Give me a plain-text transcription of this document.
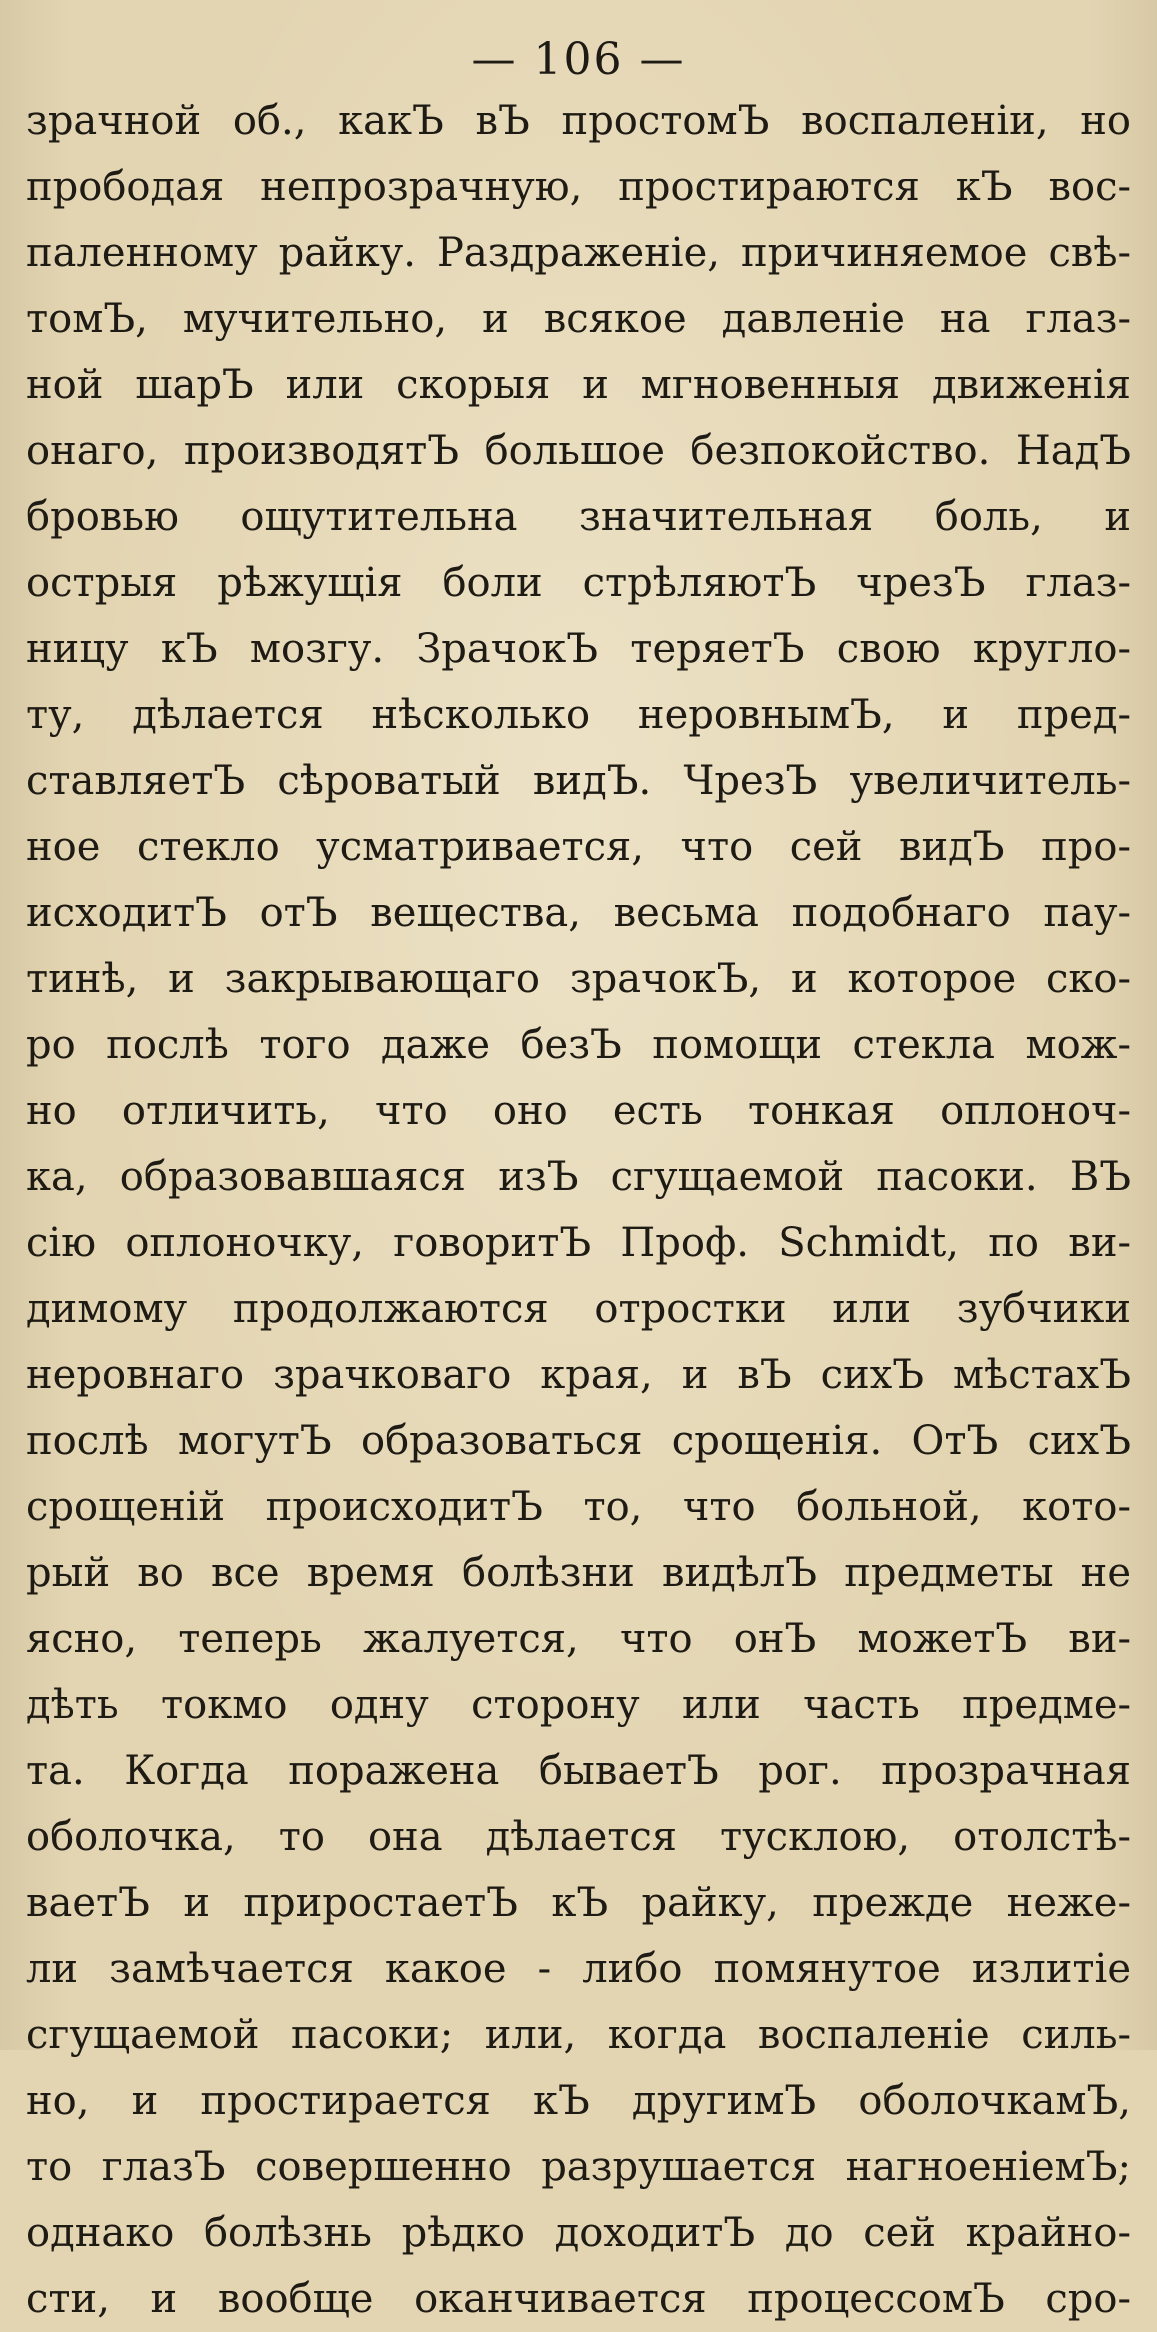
— 106 —
зрачной об., какЪ вЪ простомЪ воспаленіи, но
прободая непрозрачную, простираются кЪ вос-
паленному райку. Раздраженіе, причиняемое свѣ-
томЪ, мучительно, и всякое давленіе на глаз-
ной шарЪ или скорыя и мгновенныя движенія
онаго, производятЪ большое безпокойство. НадЪ
бровью ощутительна значительная боль, и
острыя рѣжущія боли стрѣляютЪ чрезЪ глаз-
ницу кЪ мозгу. ЗрачокЪ теряетЪ свою кругло-
ту, дѣлается нѣсколько неровнымЪ, и пред-
ставляетЪ сѣроватый видЪ. ЧрезЪ увеличитель-
ное стекло усматривается, что сей видЪ про-
исходитЪ отЪ вещества, весьма подобнаго пау-
тинѣ, и закрывающаго зрачокЪ, и которое ско-
ро послѣ того даже безЪ помощи стекла мож-
но отличить, что оно есть тонкая оплоноч-
ка, образовавшаяся изЪ сгущаемой пасоки. ВЪ
сію оплоночку, говоритЪ Проф. Schmidt, по ви-
димому продолжаются отростки или зубчики
неровнаго зрачковаго края, и вЪ сихЪ мѣстахЪ
послѣ могутЪ образоваться срощенія. ОтЪ сихЪ
срощеній происходитЪ то, что больной, кото-
рый во все время болѣзни видѣлЪ предметы не
ясно, теперь жалуется, что онЪ можетЪ ви-
дѣть токмо одну сторону или часть предме-
та. Когда поражена бываетЪ рог. прозрачная
оболочка, то она дѣлается тусклою, отолстѣ-
ваетЪ и приростаетЪ кЪ райку, прежде неже-
ли замѣчается какое - либо помянутое излитіе
сгущаемой пасоки; или, когда воспаленіе силь-
но, и простирается кЪ другимЪ оболочкамЪ,
то глазЪ совершенно разрушается нагноеніемЪ;
однако болѣзнь рѣдко доходитЪ до сей крайно-
сти, и вообще оканчивается процессомЪ сро-
